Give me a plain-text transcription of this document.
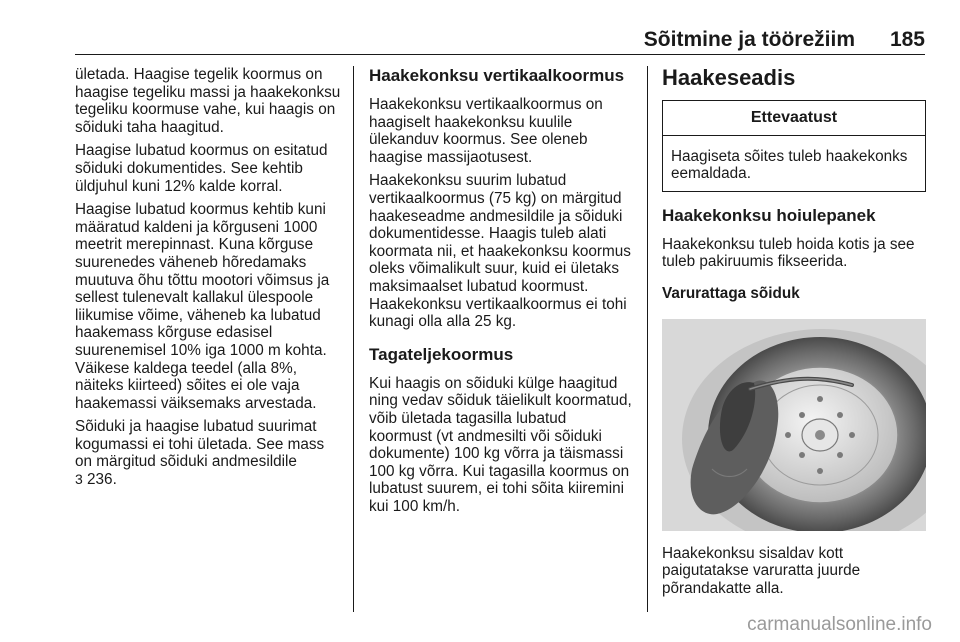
Sõitmine ja töörežiim 185

ületada. Haagise tegelik koormus on haagise tegeliku massi ja haakekonksu tegeliku koormuse vahe, kui haagis on sõiduki taha haagitud.

Haagise lubatud koormus on esitatud sõiduki dokumentides. See kehtib üldjuhul kuni 12% kalde korral.

Haagise lubatud koormus kehtib kuni määratud kaldeni ja kõrguseni 1000 meetrit merepinnast. Kuna kõrguse suurenedes väheneb hõredamaks muutuva õhu tõttu mootori võimsus ja sellest tulenevalt kallakul ülespoole liikumise võime, väheneb ka lubatud haakemass kõrguse edasisel suurenemisel 10% iga 1000 m kohta. Väikese kaldega teedel (alla 8%, näiteks kiirteed) sõites ei ole vaja haakemassi väiksemaks arvestada.

Sõiduki ja haagise lubatud suurimat kogumassi ei tohi ületada. See mass on märgitud sõiduki andmesildile
3 236.

Haakekonksu vertikaalkoormus

Haakekonksu vertikaalkoormus on haagiselt haakekonksu kuulile ülekanduv koormus. See oleneb haagise massijaotusest.

Haakekonksu suurim lubatud vertikaalkoormus (75 kg) on märgitud haakeseadme andmesildile ja sõiduki dokumentidesse. Haagis tuleb alati koormata nii, et haakekonksu koormus oleks võimalikult suur, kuid ei ületaks maksimaalset lubatud koormust. Haakekonksu vertikaalkoormus ei tohi kunagi olla alla 25 kg.

Tagateljekoormus

Kui haagis on sõiduki külge haagitud ning vedav sõiduk täielikult koormatud, võib ületada tagasilla lubatud koormust (vt andmesilti või sõiduki dokumente) 100 kg võrra ja täismassi 100 kg võrra. Kui tagasilla koormus on lubatust suurem, ei tohi sõita kiiremini kui 100 km/h.

Haakeseadis
Ettevaatust
Haagiseta sõites tuleb haakekonks eemaldada.
Haakekonksu hoiulepanek

Haakekonksu tuleb hoida kotis ja see tuleb pakiruumis fikseerida.

Varurattaga sõiduk

Haakekonksu sisaldav kott paigutatakse varuratta juurde põrandakatte alla.

carmanualsonline.info
